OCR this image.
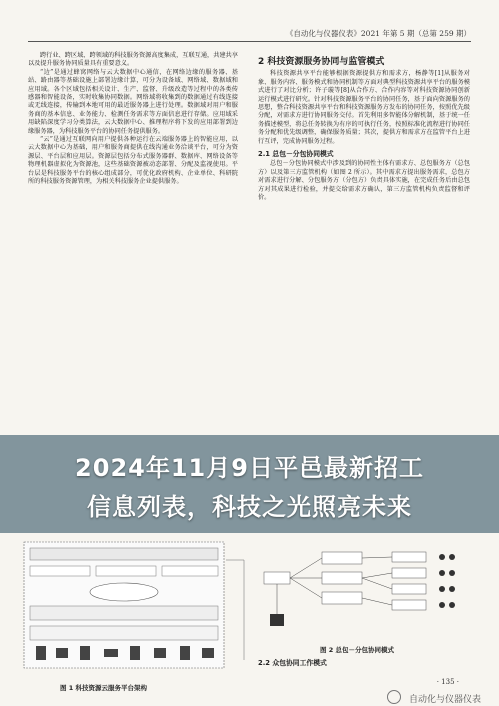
《自动化与仪器仪表》2021 年第 5 期（总第 259 期）

跨行业、跨区域、跨领域的科技服务资源高度集成，互联互通，共建共享以及提升服务协同质量具有重要意义。

“边”是通过蜂窝网络与云大数据中心通信，在网络边缘的服务器、基站、路由器等基础设施上部署边缘计算，可分为设备域、网络域、数据域和应用域。各个区域包括相关设计、生产、监督、升级改造等过程中的各类传感器和智能设备，实时收集协同数据。网络域将收集到的数据通过有线连接或无线连接，传输到本地可用的最近服务器上进行处理。数据域对用户和服务商的基本信息、业务能力、检测任务需求等方面信息进行存储。应用域采用缺陷深度学习分类算法，云大数据中心、推理程序将下发的应用部署到边缘服务器，为科技服务平台的协同任务提供服务。

“云”是通过互联网向用户提供各种运行在云端服务器上的智能应用，以云大数据中心为基础，用户和服务商提供在线沟通业务洽谈平台，可分为资源层、平台层和应用层。资源层包括分布式服务器群、数据库、网络设备等物理机器虚拟化为资源池，这些基础资源被动态部署、分配及监视使用。平台层是科技服务平台的核心组成部分，可优化政府机构、企业单位、科研院所的科技服务资源管理，为相关科技服务企业提供服务。

2 科技资源服务协同与监管模式

科技资源共享平台能够根据资源提供方和需求方，杨静等[1]从服务对象、服务内容、服务模式和协同机制等方面对典型科技资源共享平台的服务模式进行了对比分析；许子璇等[8]从合作方、合作内容等对科技资源协同创新运行模式进行研究。针对科技资源服务平台的协同任务，基于面向资源服务的思想，整合科技资源共享平台和科技资源服务方发布的协同任务，按照优先级分配，对需求方进行协同服务交付。首先利用多智能体分解机制，基于统一任务描述模型，将总任务转换为有序的可执行任务，按照标准化流程进行协同任务分配和优先级调整，确保服务质量；其次，提供方和需求方在监管平台上进行互评，完成协同服务过程。

2.1 总包－分包协同模式

总包－分包协同模式中涉及到的协同性主体有需求方、总包服务方（总包方）以及第三方监管机构（如图 2 所示）。其中需求方提出服务需求，总包方对需求进行分解、分包服务方（分包方）负责具体实施，在完成任务后由总包方对其成果进行检验，并提交给需求方确认，第三方监管机构负责监督和评价。

图 1 科技资源云服务平台架构
图 2 总包－分包协同模式
2.2 众包协同工作模式
2024年11月9日平邑最新招工
信息列表，科技之光照亮未来
· 135 ·
自动化与仪器仪表
